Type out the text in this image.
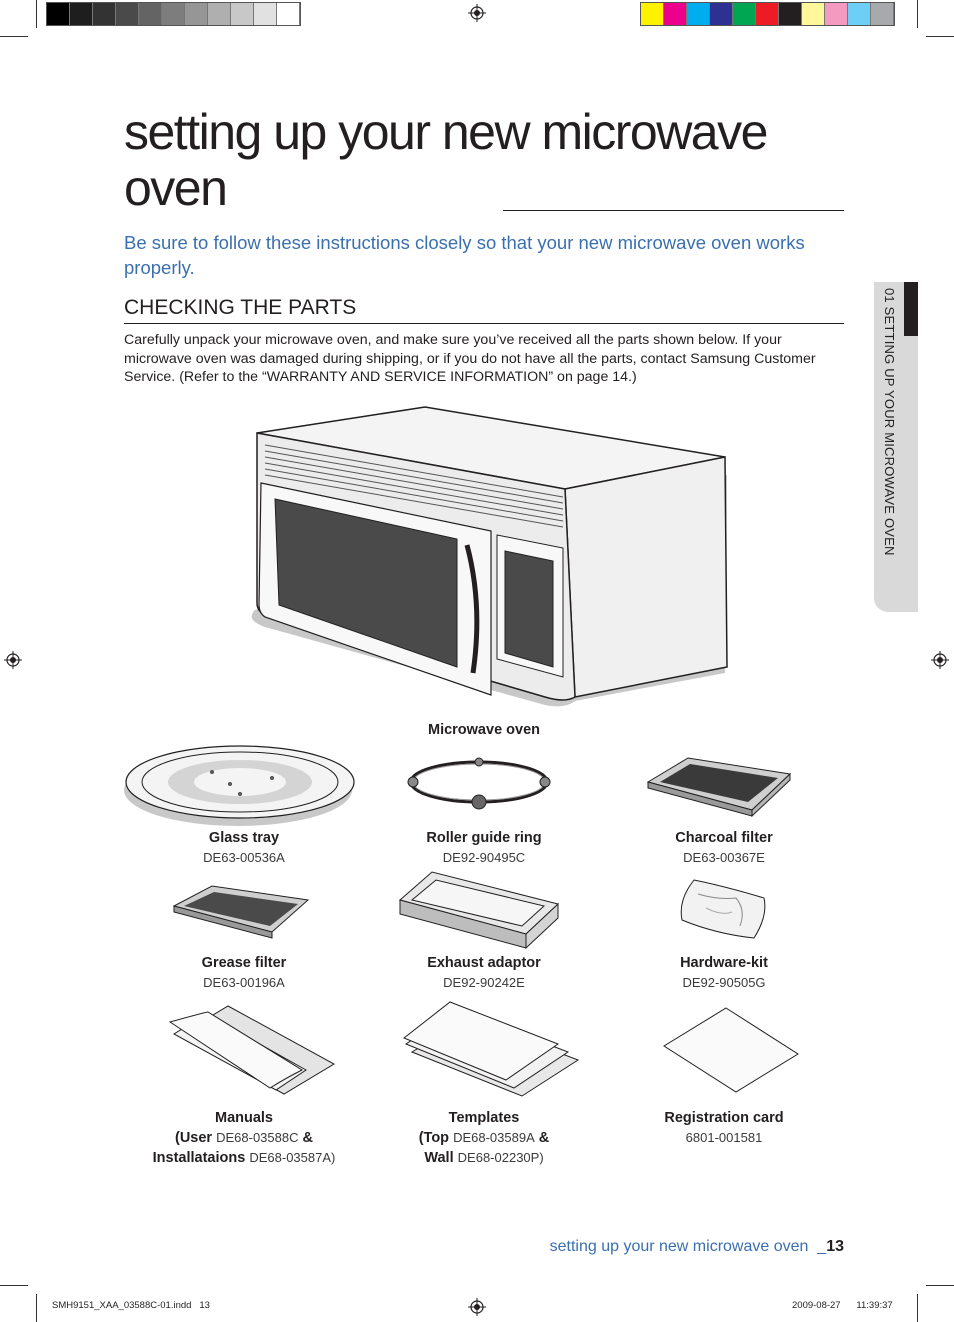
setting up your new microwave oven

Be sure to follow these instructions closely so that your new microwave oven works properly.

CHECKING THE PARTS

Carefully unpack your microwave oven, and make sure you’ve received all the parts shown below. If your microwave oven was damaged during shipping, or if you do not have all the parts, contact Samsung Customer Service. (Refer to the “WARRANTY AND SERVICE INFORMATION” on page 14.)	01 SETTING UP YOUR MICROWAVE OVEN
Microwave oven
Glass tray
DE63-00536A
Roller guide ring
DE92-90495C
Charcoal filter
DE63-00367E
Grease filter
DE63-00196A
Exhaust adaptor
DE92-90242E
Hardware-kit
DE92-90505G
Manuals
(User DE68-03588C &
Installataions DE68-03587A)
Templates
(Top DE68-03589A &
Wall DE68-02230P)
Registration card
6801-001581
setting up your new microwave oven  _13
SMH9151_XAA_03588C-01.indd   13	2009-08-27      11:39:37
